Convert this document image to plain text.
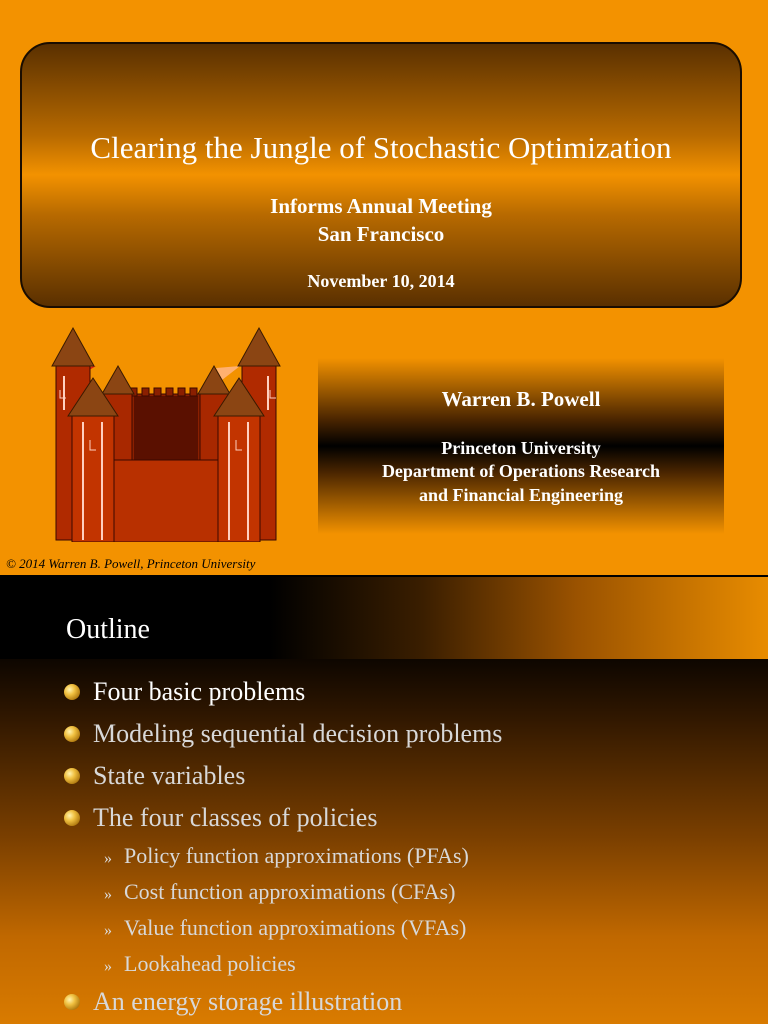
Clearing the Jungle of Stochastic Optimization
Informs Annual Meeting
San Francisco
November 10, 2014
Warren B. Powell
Princeton University
Department of Operations Research
and Financial Engineering
© 2014 Warren B. Powell, Princeton University
Outline
Four basic problems
Modeling sequential decision problems
State variables
The four classes of policies
» Policy function approximations (PFAs)
» Cost function approximations (CFAs)
» Value function approximations (VFAs)
» Lookahead policies
An energy storage illustration
